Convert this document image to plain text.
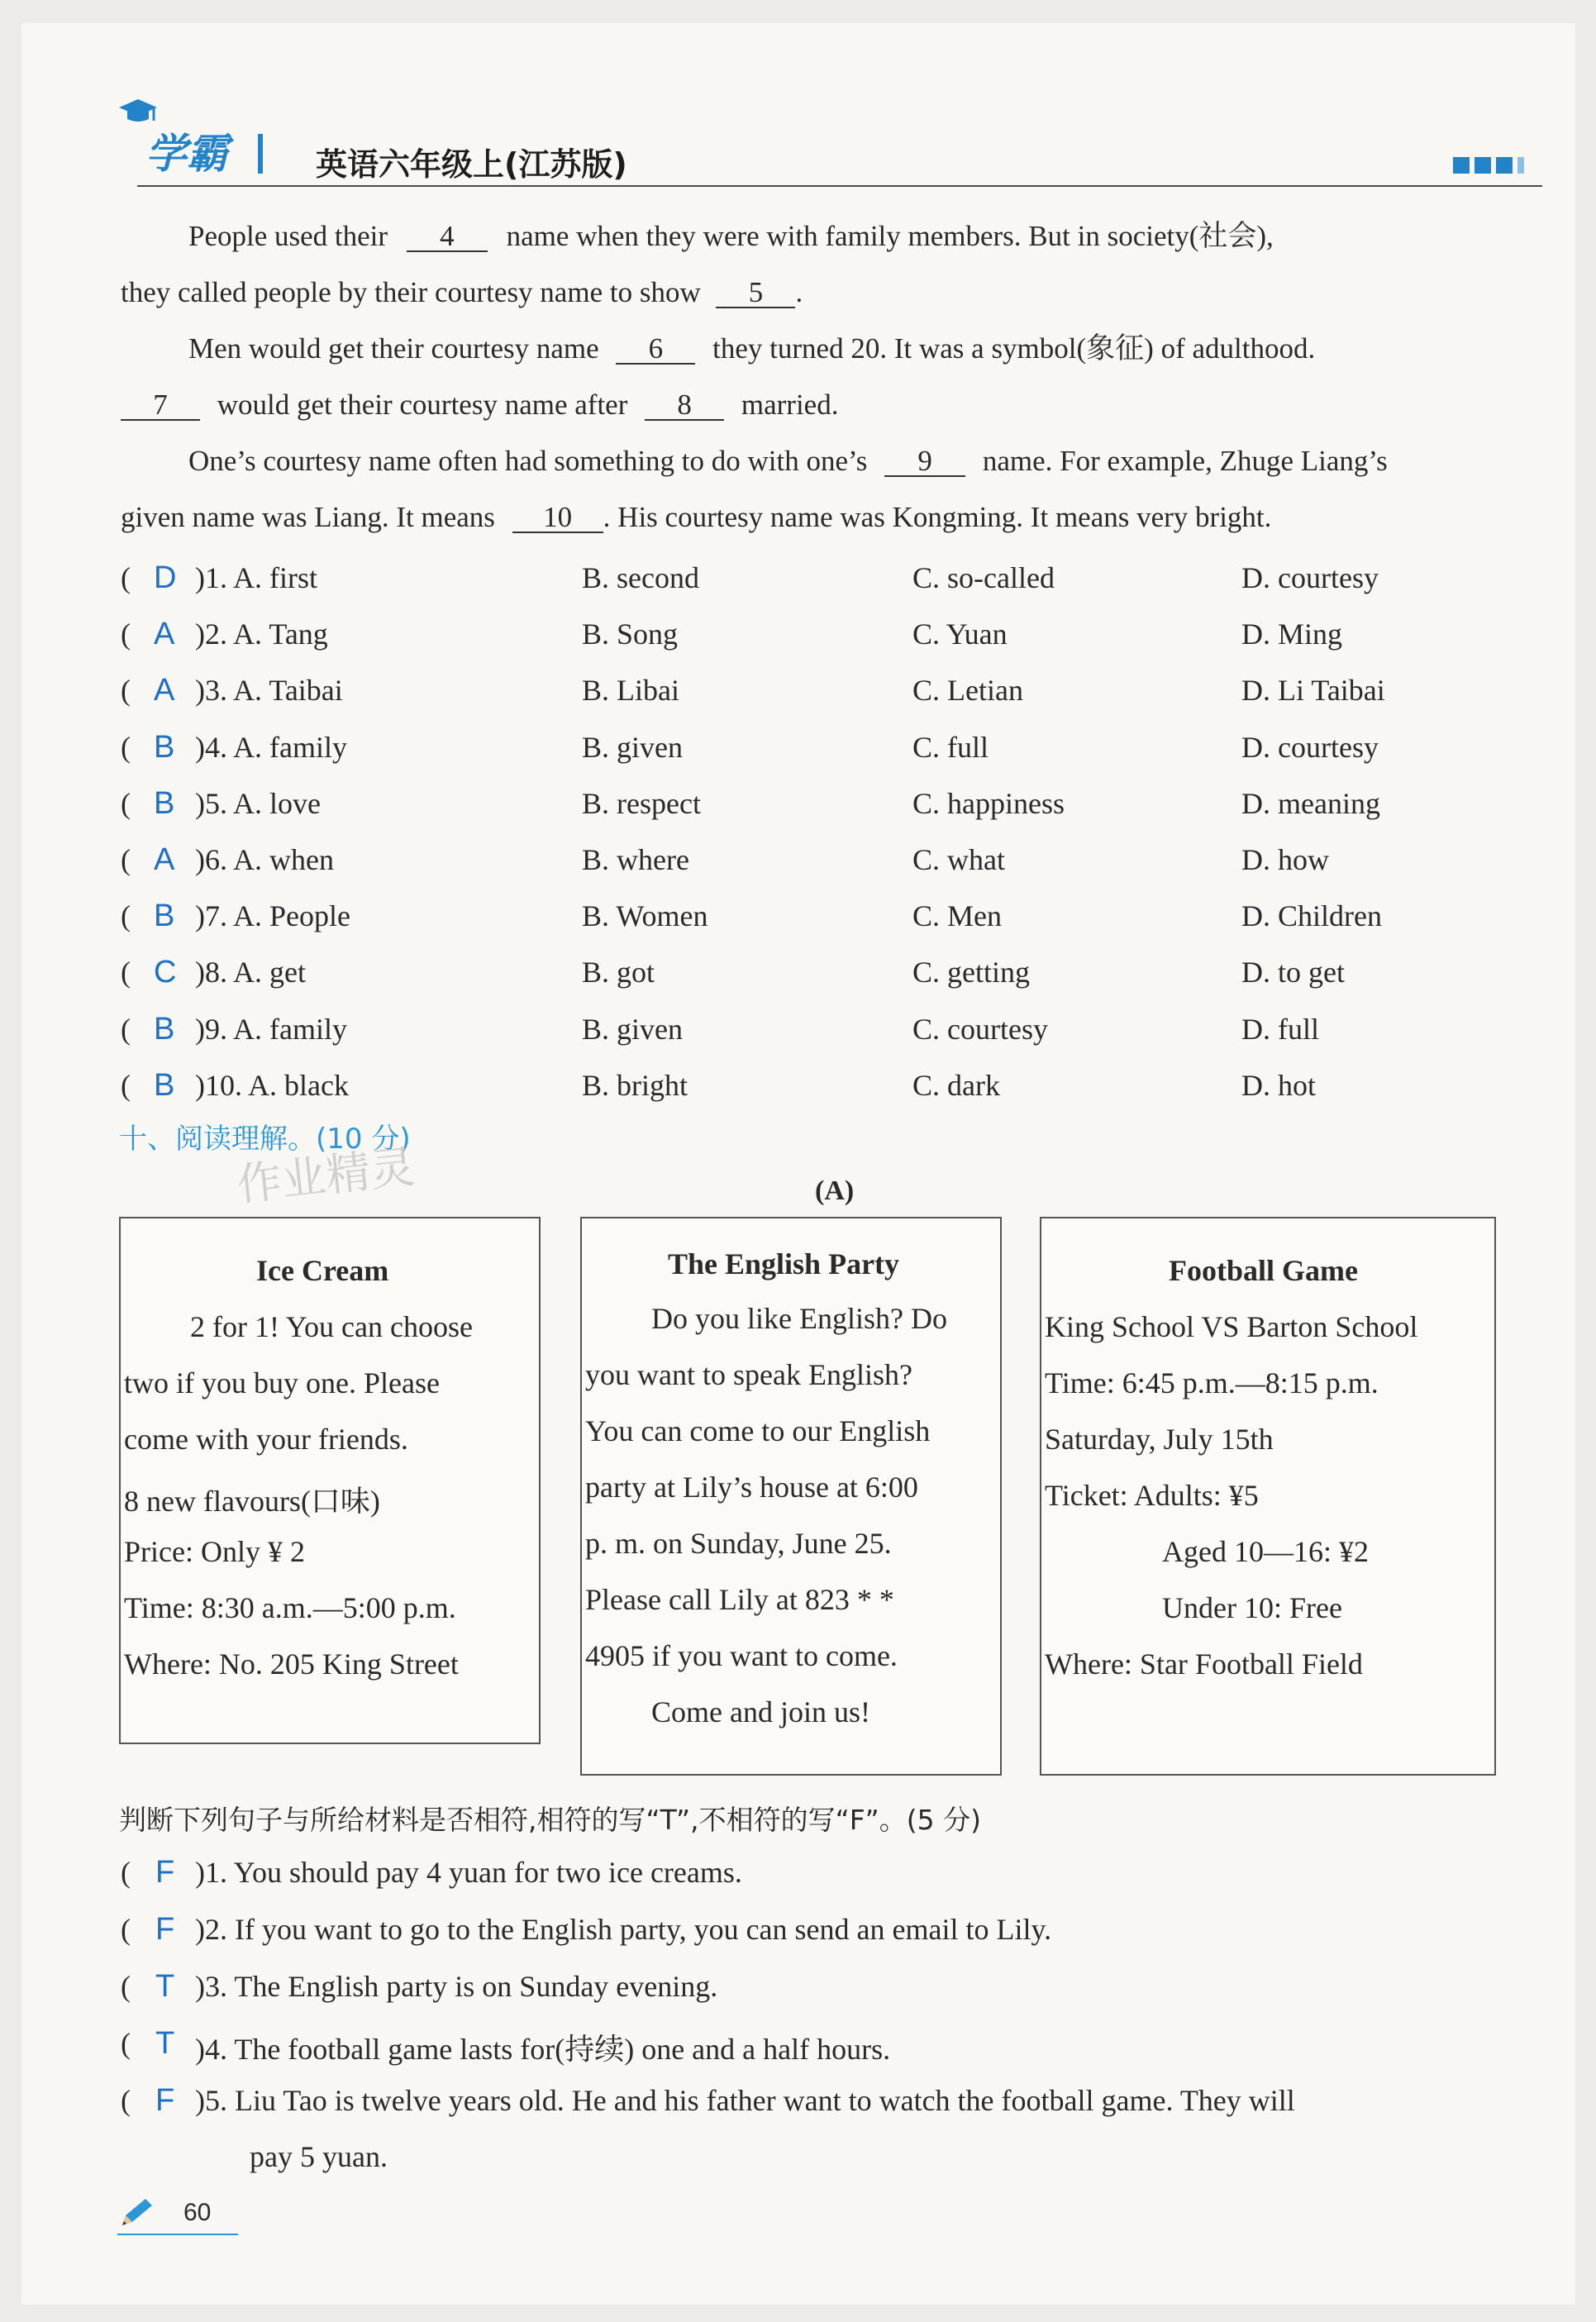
学霸	英语六年级上(江苏版)
People used their 4 name when they were with family members. But in society(社会),
they called people by their courtesy name to show 5 .
Men would get their courtesy name 6 they turned 20. It was a symbol(象征) of adulthood.
7 would get their courtesy name after 8 married.
One’s courtesy name often had something to do with one’s 9 name. For example, Zhuge Liang’s
given name was Liang. It means 10 . His courtesy name was Kongming. It means very bright.
( D )1. A. first	B. second	C. so-called	D. courtesy
( A )2. A. Tang	B. Song	C. Yuan	D. Ming
( A )3. A. Taibai	B. Libai	C. Letian	D. Li Taibai
( B )4. A. family	B. given	C. full	D. courtesy
( B )5. A. love	B. respect	C. happiness	D. meaning
( A )6. A. when	B. where	C. what	D. how
( B )7. A. People	B. Women	C. Men	D. Children
( C )8. A. get	B. got	C. getting	D. to get
( B )9. A. family	B. given	C. courtesy	D. full
( B )10. A. black	B. bright	C. dark	D. hot
十、阅读理解。(10 分)
作业精灵	(A)
Ice Cream
2 for 1! You can choose
two if you buy one. Please
come with your friends.
8 new flavours(口味)
Price: Only ¥ 2
Time: 8:30 a.m.—5:00 p.m.
Where: No. 205 King Street
The English Party
Do you like English? Do
you want to speak English?
You can come to our English
party at Lily’s house at 6:00
p. m. on Sunday, June 25.
Please call Lily at 823 * *
4905 if you want to come.
Come and join us!
Football Game
King School VS Barton School
Time: 6:45 p.m.—8:15 p.m.
Saturday, July 15th
Ticket: Adults: ¥5
Aged 10—16: ¥2
Under 10: Free
Where: Star Football Field
判断下列句子与所给材料是否相符,相符的写“T”,不相符的写“F”。(5 分)
( F )1. You should pay 4 yuan for two ice creams.
( F )2. If you want to go to the English party, you can send an email to Lily.
( T )3. The English party is on Sunday evening.
( T )4. The football game lasts for(持续) one and a half hours.
( F )5. Liu Tao is twelve years old. He and his father want to watch the football game. They will
pay 5 yuan.
60
